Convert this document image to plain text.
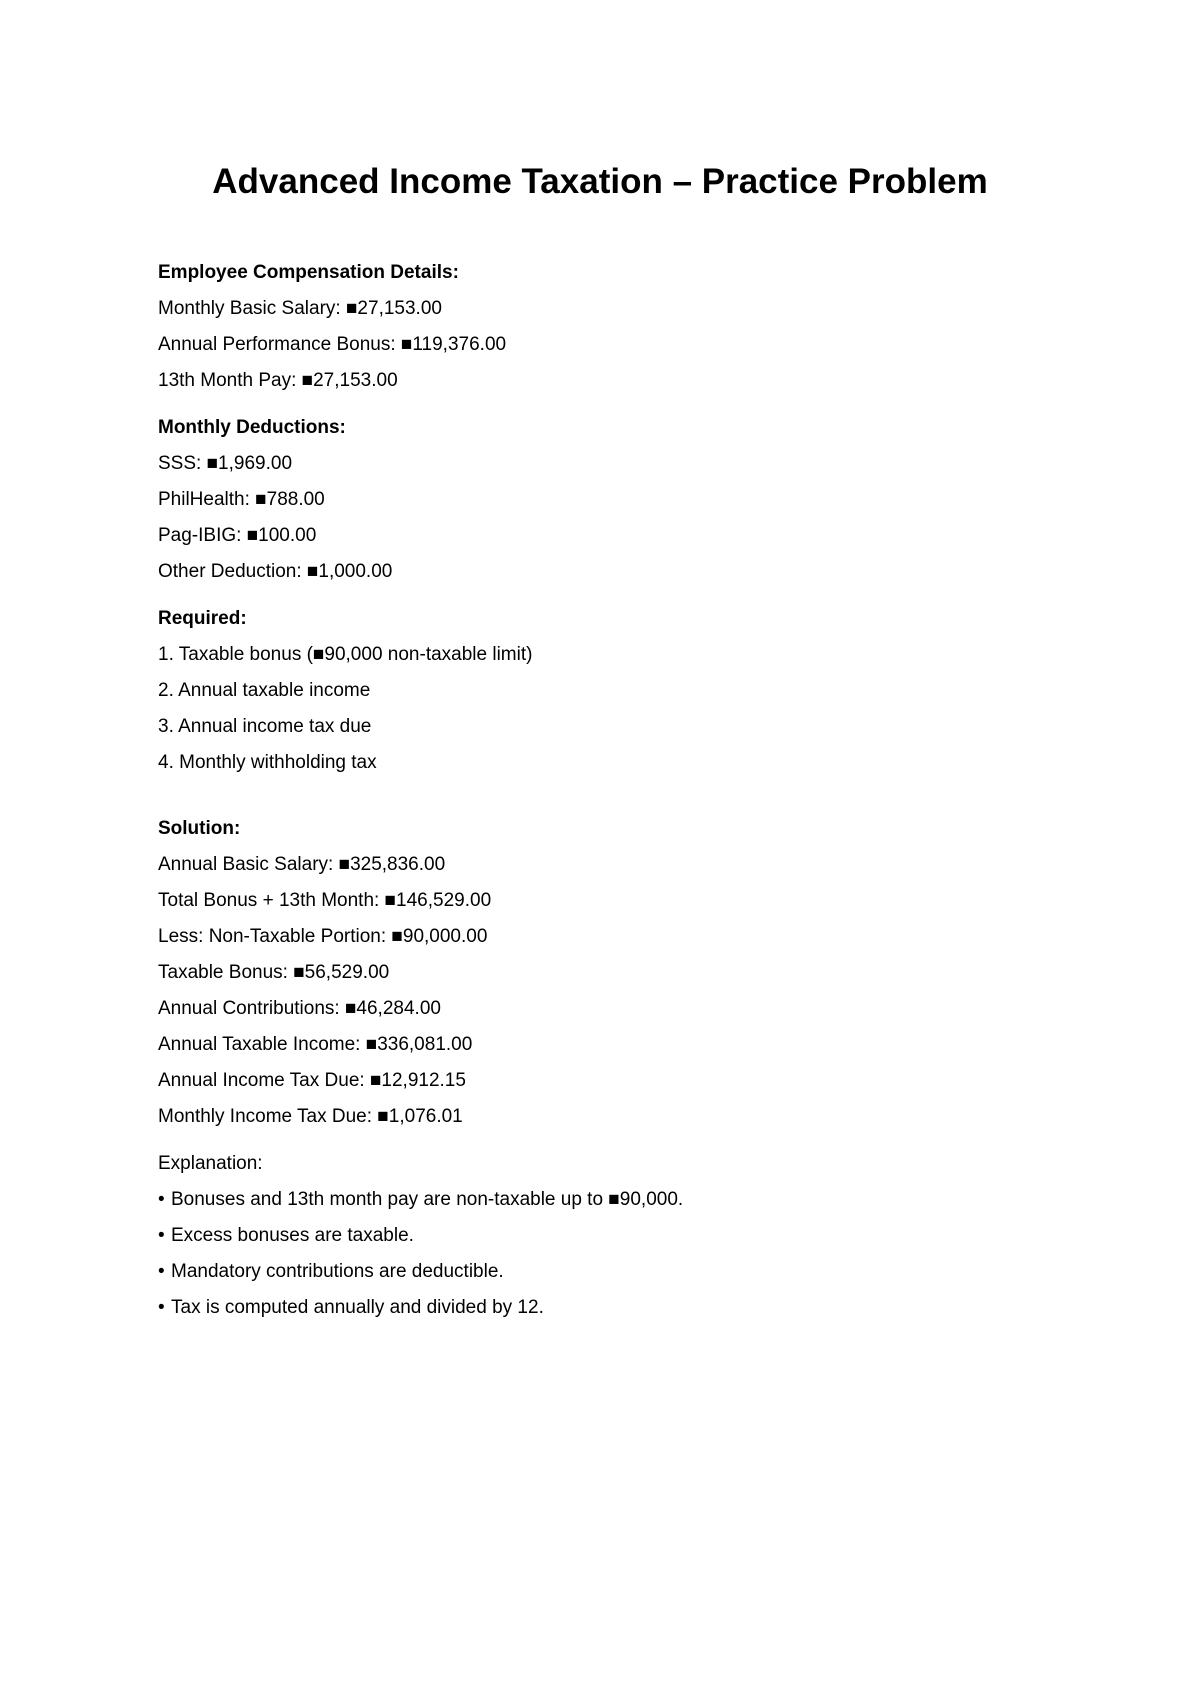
Advanced Income Taxation – Practice Problem

Employee Compensation Details:

Monthly Basic Salary: ■27,153.00

Annual Performance Bonus: ■119,376.00

13th Month Pay: ■27,153.00

Monthly Deductions:

SSS: ■1,969.00

PhilHealth: ■788.00

Pag-IBIG: ■100.00

Other Deduction: ■1,000.00

Required:

1. Taxable bonus (■90,000 non-taxable limit)

2. Annual taxable income

3. Annual income tax due

4. Monthly withholding tax

Solution:

Annual Basic Salary: ■325,836.00

Total Bonus + 13th Month: ■146,529.00

Less: Non-Taxable Portion: ■90,000.00

Taxable Bonus: ■56,529.00

Annual Contributions: ■46,284.00

Annual Taxable Income: ■336,081.00

Annual Income Tax Due: ■12,912.15

Monthly Income Tax Due: ■1,076.01

Explanation:

• Bonuses and 13th month pay are non-taxable up to ■90,000.

• Excess bonuses are taxable.

• Mandatory contributions are deductible.

• Tax is computed annually and divided by 12.
